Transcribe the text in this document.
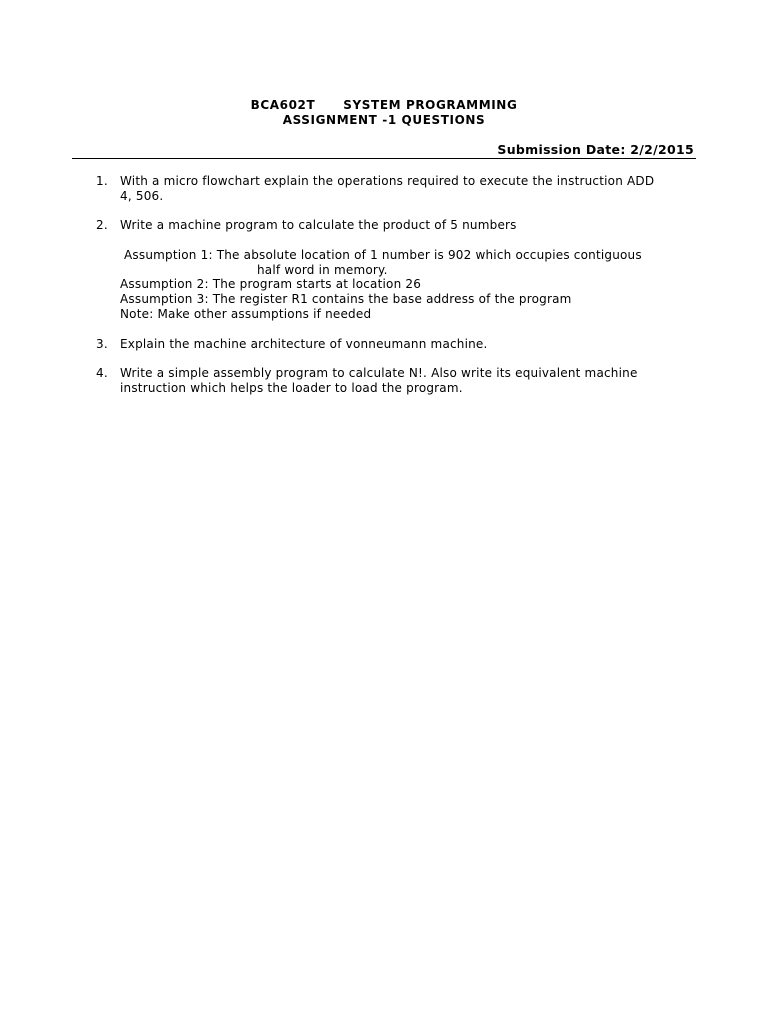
BCA602T SYSTEM PROGRAMMING
ASSIGNMENT -1 QUESTIONS
Submission Date: 2/2/2015
1. With a micro flowchart explain the operations required to execute the instruction ADD
4, 506.
2. Write a machine program to calculate the product of 5 numbers
Assumption 1: The absolute location of 1 number is 902 which occupies contiguous
half word in memory.
Assumption 2: The program starts at location 26
Assumption 3: The register R1 contains the base address of the program
Note: Make other assumptions if needed
3. Explain the machine architecture of vonneumann machine.
4. Write a simple assembly program to calculate N!. Also write its equivalent machine
instruction which helps the loader to load the program.
